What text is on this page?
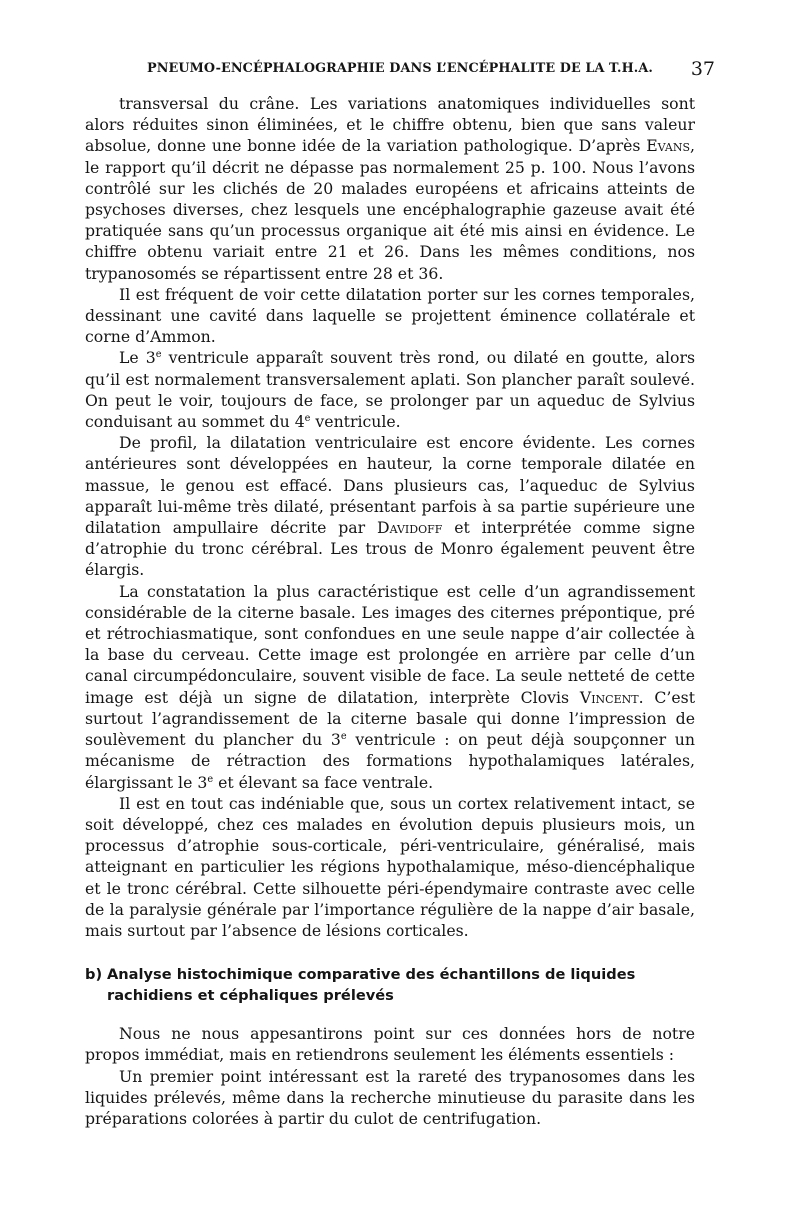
PNEUMO-ENCÉPHALOGRAPHIE DANS L’ENCÉPHALITE DE LA T.H.A. 37

transversal du crâne. Les variations anatomiques individuelles sont alors réduites sinon éliminées, et le chiffre obtenu, bien que sans valeur absolue, donne une bonne idée de la variation pathologique. D’après Evans, le rapport qu’il décrit ne dépasse pas normalement 25 p. 100. Nous l’avons contrôlé sur les clichés de 20 malades européens et africains atteints de psychoses diverses, chez lesquels une encéphalographie gazeuse avait été pratiquée sans qu’un processus organique ait été mis ainsi en évidence. Le chiffre obtenu variait entre 21 et 26. Dans les mêmes conditions, nos trypanosomés se répartissent entre 28 et 36.

Il est fréquent de voir cette dilatation porter sur les cornes temporales, dessinant une cavité dans laquelle se projettent éminence collatérale et corne d’Ammon.

Le 3e ventricule apparaît souvent très rond, ou dilaté en goutte, alors qu’il est normalement transversalement aplati. Son plancher paraît soulevé. On peut le voir, toujours de face, se prolonger par un aqueduc de Sylvius conduisant au sommet du 4e ventricule.

De profil, la dilatation ventriculaire est encore évidente. Les cornes antérieures sont développées en hauteur, la corne temporale dilatée en massue, le genou est effacé. Dans plusieurs cas, l’aqueduc de Sylvius apparaît lui-même très dilaté, présentant parfois à sa partie supérieure une dilatation ampullaire décrite par Davidoff et interprétée comme signe d’atrophie du tronc cérébral. Les trous de Monro également peuvent être élargis.

La constatation la plus caractéristique est celle d’un agrandissement considérable de la citerne basale. Les images des citernes prépontique, pré et rétrochiasmatique, sont confondues en une seule nappe d’air collectée à la base du cerveau. Cette image est prolongée en arrière par celle d’un canal circumpédonculaire, souvent visible de face. La seule netteté de cette image est déjà un signe de dilatation, interprète Clovis Vincent. C’est surtout l’agrandissement de la citerne basale qui donne l’impression de soulèvement du plancher du 3e ventricule : on peut déjà soupçonner un mécanisme de rétraction des formations hypothalamiques latérales, élargissant le 3e et élevant sa face ventrale.

Il est en tout cas indéniable que, sous un cortex relativement intact, se soit développé, chez ces malades en évolution depuis plusieurs mois, un processus d’atrophie sous-corticale, péri-ventriculaire, généralisé, mais atteignant en particulier les régions hypothalamique, méso-diencéphalique et le tronc cérébral. Cette silhouette péri-épendymaire contraste avec celle de la paralysie générale par l’importance régulière de la nappe d’air basale, mais surtout par l’absence de lésions corticales.

b) Analyse histochimique comparative des échantillons de liquides rachidiens et céphaliques prélevés

Nous ne nous appesantirons point sur ces données hors de notre propos immédiat, mais en retiendrons seulement les éléments essentiels :

Un premier point intéressant est la rareté des trypanosomes dans les liquides prélevés, même dans la recherche minutieuse du parasite dans les préparations colorées à partir du culot de centrifugation.
